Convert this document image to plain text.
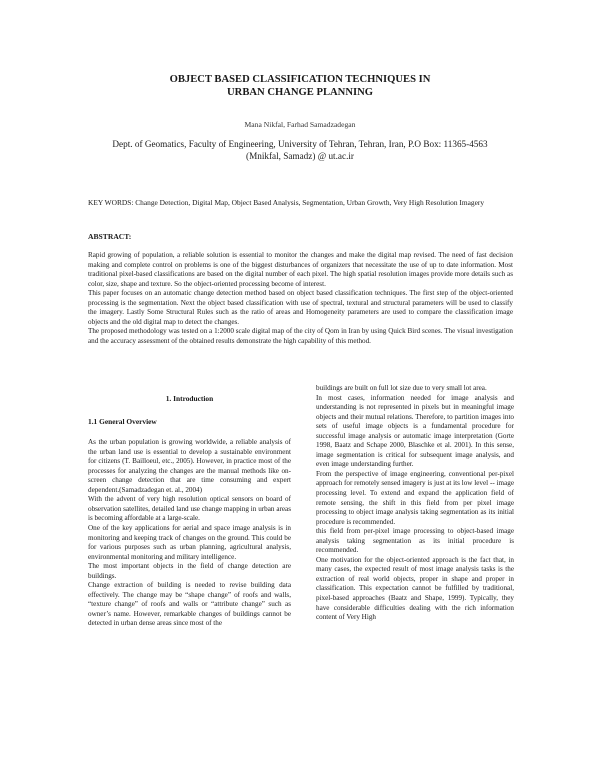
OBJECT BASED CLASSIFICATION TECHNIQUES IN
URBAN CHANGE PLANNING
Mana Nikfal, Farhad Samadzadegan
Dept. of Geomatics, Faculty of Engineering, University of Tehran, Tehran, Iran, P.O Box: 11365-4563
(Mnikfal, Samadz) @ ut.ac.ir
KEY WORDS: Change Detection, Digital Map, Object Based Analysis, Segmentation, Urban Growth, Very High Resolution Imagery
ABSTRACT:

Rapid growing of population, a reliable solution is essential to monitor the changes and make the digital map revised. The need of fast decision making and complete control on problems is one of the biggest disturbances of organizers that necessitate the use of up to date information. Most traditional pixel-based classifications are based on the digital number of each pixel. The high spatial resolution images provide more details such as color, size, shape and texture. So the object-oriented processing become of interest.

This paper focuses on an automatic change detection method based on object based classification techniques. The first step of the object-oriented processing is the segmentation. Next the object based classification with use of spectral, textural and structural parameters will be used to classify the imagery. Lastly Some Structural Rules such as the ratio of areas and Homogeneity parameters are used to compare the classification image objects and the old digital map to detect the changes.

The proposed methodology was tested on a 1:2000 scale digital map of the city of Qom in Iran by using Quick Bird scenes. The visual investigation and the accuracy assessment of the obtained results demonstrate the high capability of this method.

1. Introduction

1.1 General Overview

As the urban population is growing worldwide, a reliable analysis of the urban land use is essential to develop a sustainable environment for citizens (T. Bailloeul, etc., 2005). However, in practice most of the processes for analyzing the changes are the manual methods like on-screen change detection that are time consuming and expert dependent.(Samadzadegan et. al., 2004)

With the advent of very high resolution optical sensors on board of observation satellites, detailed land use change mapping in urban areas is becoming affordable at a large-scale.

One of the key applications for aerial and space image analysis is in monitoring and keeping track of changes on the ground. This could be for various purposes such as urban planning, agricultural analysis, environmental monitoring and military intelligence.

The most important objects in the field of change detection are buildings.

Change extraction of building is needed to revise building data effectively. The change may be “shape change” of roofs and walls, “texture change” of roofs and walls or “attribute change” such as owner’s name. However, remarkable changes of buildings cannot be detected in urban dense areas since most of the

buildings are built on full lot size due to very small lot area.

In most cases, information needed for image analysis and understanding is not represented in pixels but in meaningful image objects and their mutual relations. Therefore, to partition images into sets of useful image objects is a fundamental procedure for successful image analysis or automatic image interpretation (Gorte 1998, Baatz and Schape 2000, Blaschke et al. 2001). In this sense, image segmentation is critical for subsequent image analysis, and even image understanding further.

From the perspective of image engineering, conventional per-pixel approach for remotely sensed imagery is just at its low level -- image processing level. To extend and expand the application field of remote sensing, the shift in this field from per pixel image processing to object image analysis taking segmentation as its initial procedure is recommended.

this field from per-pixel image processing to object-based image analysis taking segmentation as its initial procedure is recommended.

One motivation for the object-oriented approach is the fact that, in many cases, the expected result of most image analysis tasks is the extraction of real world objects, proper in shape and proper in classification. This expectation cannot be fulfilled by traditional, pixel-based approaches (Baatz and Shape, 1999). Typically, they have considerable difficulties dealing with the rich information content of Very High
